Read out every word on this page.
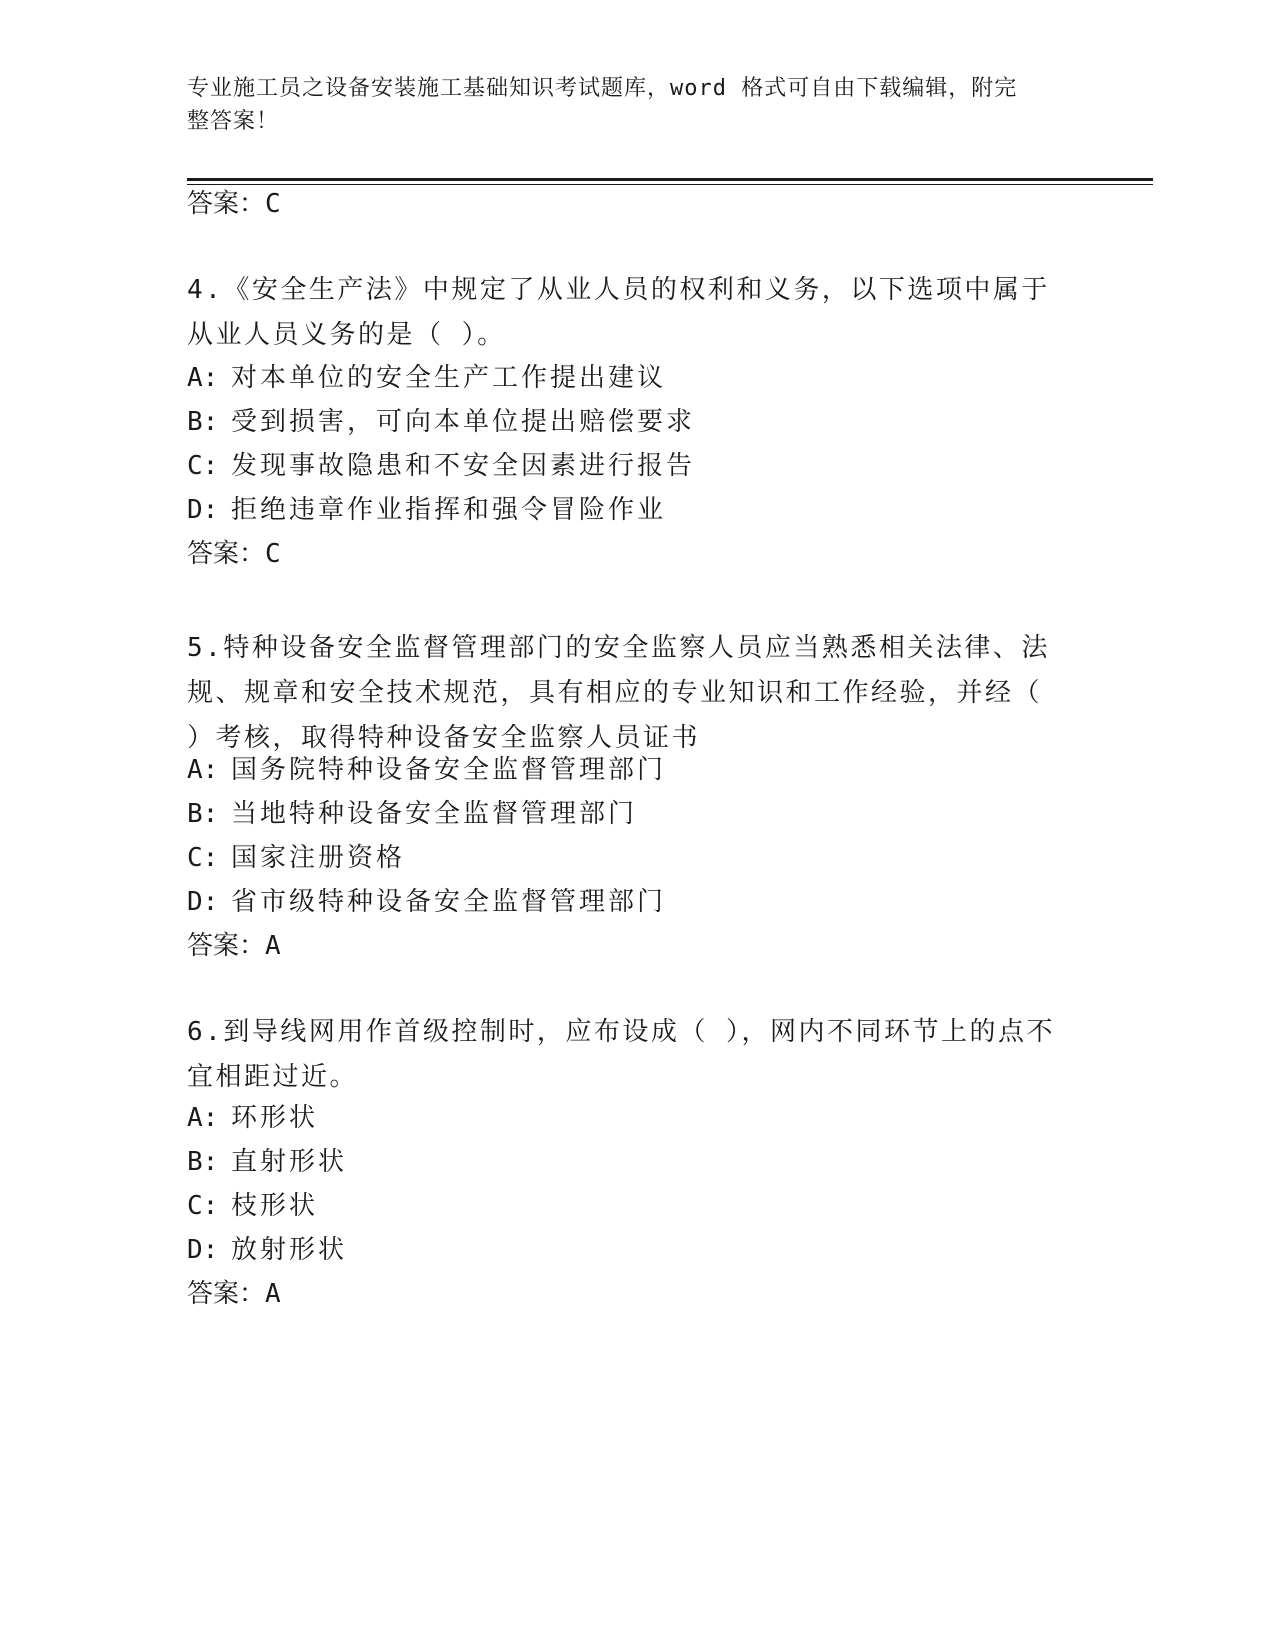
专业施工员之设备安装施工基础知识考试题库，word 格式可自由下载编辑，附完
整答案！
答案：C
4.《安全生产法》中规定了从业人员的权利和义务，以下选项中属于
从业人员义务的是（ ）。
A: 对本单位的安全生产工作提出建议
B: 受到损害，可向本单位提出赔偿要求
C: 发现事故隐患和不安全因素进行报告
D: 拒绝违章作业指挥和强令冒险作业
答案：C
5.特种设备安全监督管理部门的安全监察人员应当熟悉相关法律、法
规、规章和安全技术规范，具有相应的专业知识和工作经验，并经（
）考核，取得特种设备安全监察人员证书
A: 国务院特种设备安全监督管理部门
B: 当地特种设备安全监督管理部门
C: 国家注册资格
D: 省市级特种设备安全监督管理部门
答案：A
6.到导线网用作首级控制时，应布设成（ ），网内不同环节上的点不
宜相距过近。
A: 环形状
B: 直射形状
C: 枝形状
D: 放射形状
答案：A
